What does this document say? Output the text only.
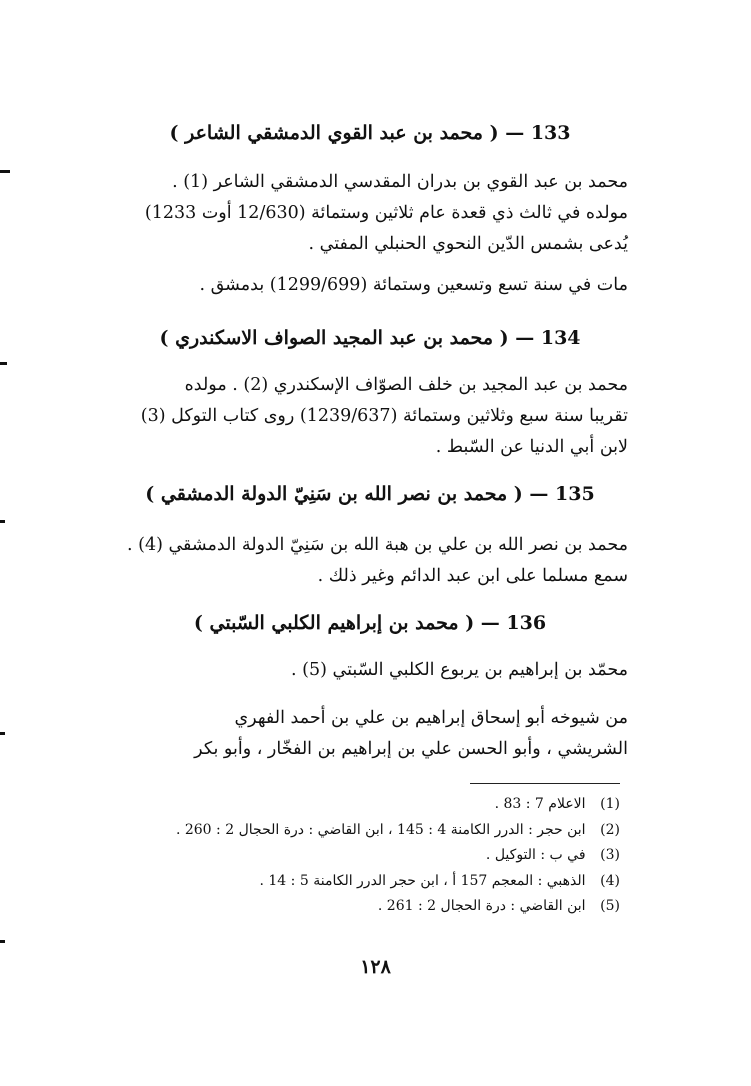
133 — ( محمد بن عبد القوي الدمشقي الشاعر )

محمد بن عبد القوي بن بدران المقدسي الدمشقي الشاعر (1) .

مولده في ثالث ذي قعدة عام ثلاثين وستمائة (12/630 أوت 1233)

يُدعى بشمس الدّين النحوي الحنبلي المفتي .

مات في سنة تسع وتسعين وستمائة (1299/699) بدمشق .

134 — ( محمد بن عبد المجيد الصواف الاسكندري )

محمد بن عبد المجيد بن خلف الصوّاف الإسكندري (2) . مولده

تقريبا سنة سبع وثلاثين وستمائة (1239/637) روى كتاب التوكل (3)

لابن أبي الدنيا عن السّبط .

135 — ( محمد بن نصر الله بن سَنِيّ الدولة الدمشقي )

محمد بن نصر الله بن علي بن هبة الله بن سَنِيّ الدولة الدمشقي (4) .

سمع مسلما على ابن عبد الدائم وغير ذلك .

136 — ( محمد بن إبراهيم الكلبي السّبتي )

محمّد بن إبراهيم بن يربوع الكلبي السّبتي (5) .

من شيوخه أبو إسحاق إبراهيم بن علي بن أحمد الفهري

الشريشي ، وأبو الحسن علي بن إبراهيم بن الفخّار ، وأبو بكر

(1) الاعلام 7 : 83 .
(2) ابن حجر : الدرر الكامنة 4 : 145 ، ابن القاضي : درة الحجال 2 : 260 .
(3) في ب : التوكيل .
(4) الذهبي : المعجم 157 أ ، ابن حجر الدرر الكامنة 5 : 14 .
(5) ابن القاضي : درة الحجال 2 : 261 .
١٢٨
